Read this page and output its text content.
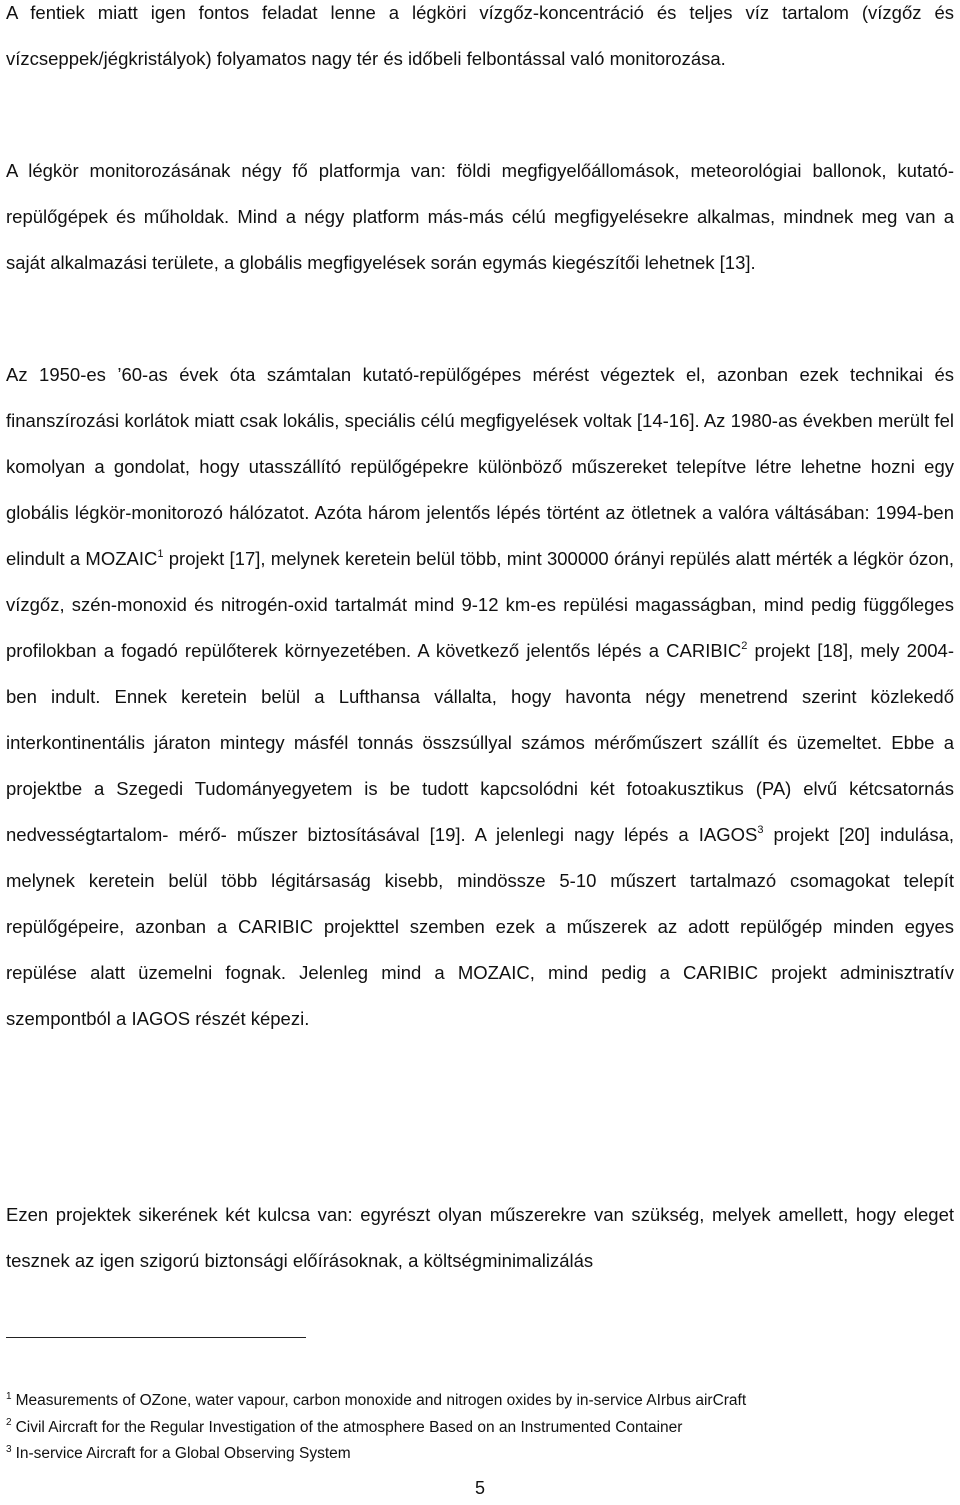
A fentiek miatt igen fontos feladat lenne a légköri vízgőz-koncentráció és teljes víz tartalom (vízgőz és vízcseppek/jégkristályok) folyamatos nagy tér és időbeli felbontással való monitorozása.

A légkör monitorozásának négy fő platformja van: földi megfigyelőállomások, meteorológiai ballonok, kutató-repülőgépek és műholdak. Mind a négy platform más-más célú megfigyelésekre alkalmas, mindnek meg van a saját alkalmazási területe, a globális megfigyelések során egymás kiegészítői lehetnek [13].

Az 1950-es ’60-as évek óta számtalan kutató-repülőgépes mérést végeztek el, azonban ezek technikai és finanszírozási korlátok miatt csak lokális, speciális célú megfigyelések voltak [14-16]. Az 1980-as években merült fel komolyan a gondolat, hogy utasszállító repülőgépekre különböző műszereket telepítve létre lehetne hozni egy globális légkör-monitorozó hálózatot. Azóta három jelentős lépés történt az ötletnek a valóra váltásában: 1994-ben elindult a MOZAIC$^1$ projekt [17], melynek keretein belül több, mint 300000 órányi repülés alatt mérték a légkör ózon, vízgőz, szén-monoxid és nitrogén-oxid tartalmát mind 9-12 km-es repülési magasságban, mind pedig függőleges profilokban a fogadó repülőterek környezetében. A következő jelentős lépés a CARIBIC$^2$ projekt [18], mely 2004-ben indult. Ennek keretein belül a Lufthansa vállalta, hogy havonta négy menetrend szerint közlekedő interkontinentális járaton mintegy másfél tonnás összsúllyal számos mérőműszert szállít és üzemeltet. Ebbe a projektbe a Szegedi Tudományegyetem is be tudott kapcsolódni két fotoakusztikus (PA) elvű kétcsatornás nedvességtartalom- mérő- műszer biztosításával [19]. A jelenlegi nagy lépés a IAGOS$^3$ projekt [20] indulása, melynek keretein belül több légitársaság kisebb, mindössze 5-10 műszert tartalmazó csomagokat telepít repülőgépeire, azonban a CARIBIC projekttel szemben ezek a műszerek az adott repülőgép minden egyes repülése alatt üzemelni fognak. Jelenleg mind a MOZAIC, mind pedig a CARIBIC projekt adminisztratív szempontból a IAGOS részét képezi.

Ezen projektek sikerének két kulcsa van: egyrészt olyan műszerekre van szükség, melyek amellett, hogy eleget tesznek az igen szigorú biztonsági előírásoknak, a költségminimalizálás

$^1$ Measurements of OZone, water vapour, carbon monoxide and nitrogen oxides by in-service AIrbus airCraft
$^2$ Civil Aircraft for the Regular Investigation of the atmosphere Based on an Instrumented Container
$^3$ In-service Aircraft for a Global Observing System
5
